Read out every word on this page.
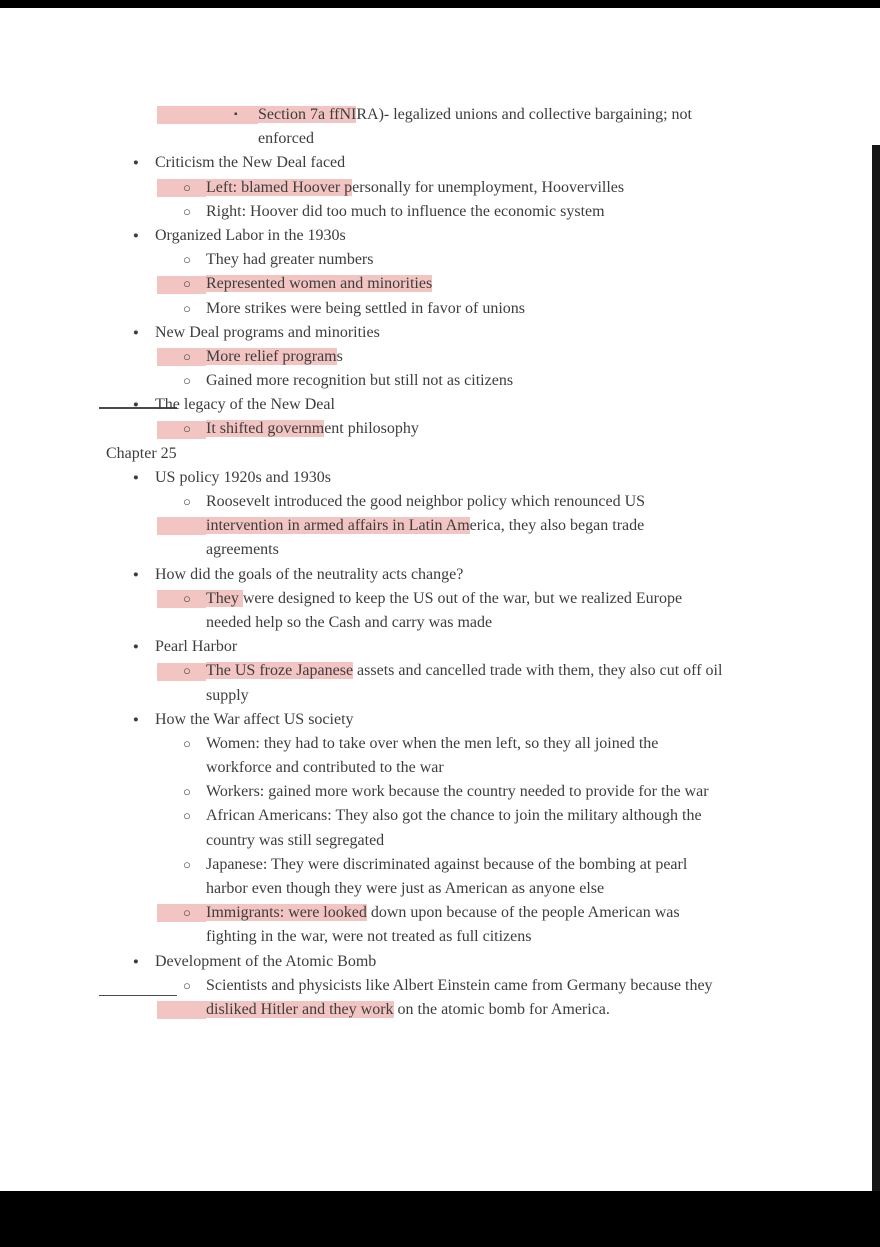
▪ Section 7a ffNIRA)- legalized unions and collective bargaining; not
enforced
● Criticism the New Deal faced
○ Left: blamed Hoover personally for unemployment, Hoovervilles
○ Right: Hoover did too much to influence the economic system
● Organized Labor in the 1930s
○ They had greater numbers
○ Represented women and minorities
○ More strikes were being settled in favor of unions
● New Deal programs and minorities
○ More relief programs
○ Gained more recognition but still not as citizens
● The legacy of the New Deal
○ It shifted government philosophy
Chapter 25
● US policy 1920s and 1930s
○ Roosevelt introduced the good neighbor policy which renounced US
intervention in armed affairs in Latin America, they also began trade
agreements
● How did the goals of the neutrality acts change?
○ They were designed to keep the US out of the war, but we realized Europe
needed help so the Cash and carry was made
● Pearl Harbor
○ The US froze Japanese assets and cancelled trade with them, they also cut off oil
supply
● How the War affect US society
○ Women: they had to take over when the men left, so they all joined the
workforce and contributed to the war
○ Workers: gained more work because the country needed to provide for the war
○ African Americans: They also got the chance to join the military although the
country was still segregated
○ Japanese: They were discriminated against because of the bombing at pearl
harbor even though they were just as American as anyone else
○ Immigrants: were looked down upon because of the people American was
fighting in the war, were not treated as full citizens
● Development of the Atomic Bomb
○ Scientists and physicists like Albert Einstein came from Germany because they
disliked Hitler and they work on the atomic bomb for America.
